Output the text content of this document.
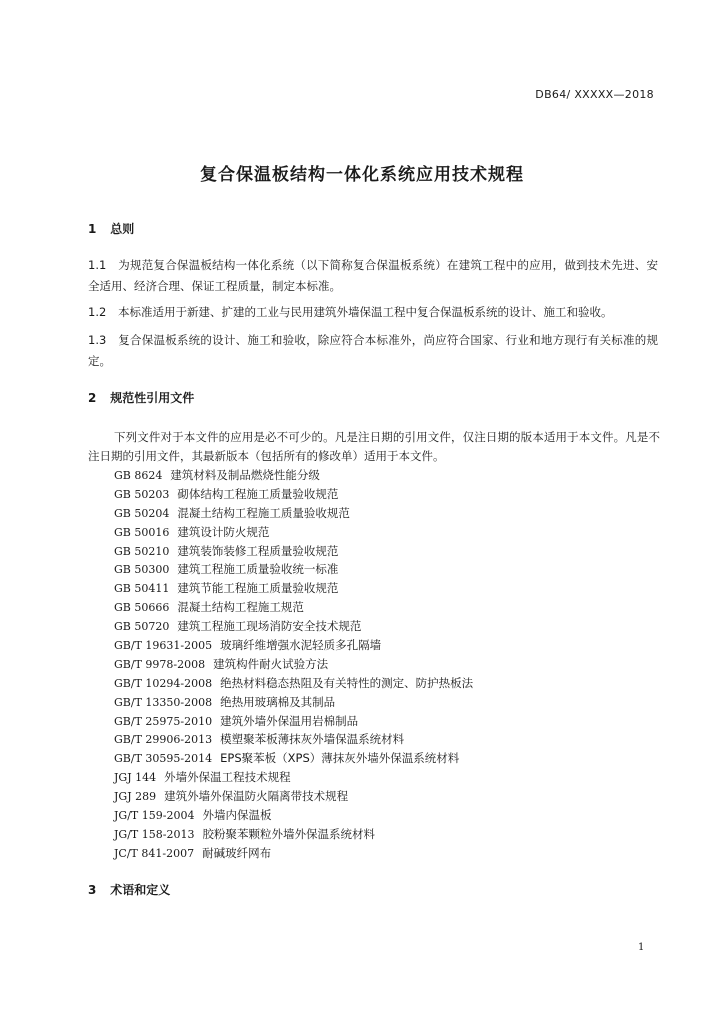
DB64/ XXXXX—2018
复合保温板结构一体化系统应用技术规程
1 总则
1.1 为规范复合保温板结构一体化系统（以下简称复合保温板系统）在建筑工程中的应用，做到技术先进、安全适用、经济合理、保证工程质量，制定本标准。
1.2 本标准适用于新建、扩建的工业与民用建筑外墙保温工程中复合保温板系统的设计、施工和验收。
1.3 复合保温板系统的设计、施工和验收，除应符合本标准外，尚应符合国家、行业和地方现行有关标准的规定。
2 规范性引用文件
下列文件对于本文件的应用是必不可少的。凡是注日期的引用文件，仅注日期的版本适用于本文件。凡是不注日期的引用文件，其最新版本（包括所有的修改单）适用于本文件。
GB 8624 建筑材料及制品燃烧性能分级
GB 50203 砌体结构工程施工质量验收规范
GB 50204 混凝土结构工程施工质量验收规范
GB 50016 建筑设计防火规范
GB 50210 建筑装饰装修工程质量验收规范
GB 50300 建筑工程施工质量验收统一标准
GB 50411 建筑节能工程施工质量验收规范
GB 50666 混凝土结构工程施工规范
GB 50720 建筑工程施工现场消防安全技术规范
GB/T 19631-2005 玻璃纤维增强水泥轻质多孔隔墙
GB/T 9978-2008 建筑构件耐火试验方法
GB/T 10294-2008 绝热材料稳态热阻及有关特性的测定、防护热板法
GB/T 13350-2008 绝热用玻璃棉及其制品
GB/T 25975-2010 建筑外墙外保温用岩棉制品
GB/T 29906-2013 模塑聚苯板薄抹灰外墙保温系统材料
GB/T 30595-2014 EPS聚苯板（XPS）薄抹灰外墙外保温系统材料
JGJ 144 外墙外保温工程技术规程
JGJ 289 建筑外墙外保温防火隔离带技术规程
JG/T 159-2004 外墙内保温板
JG/T 158-2013 胶粉聚苯颗粒外墙外保温系统材料
JC/T 841-2007 耐碱玻纤网布
3 术语和定义
1
